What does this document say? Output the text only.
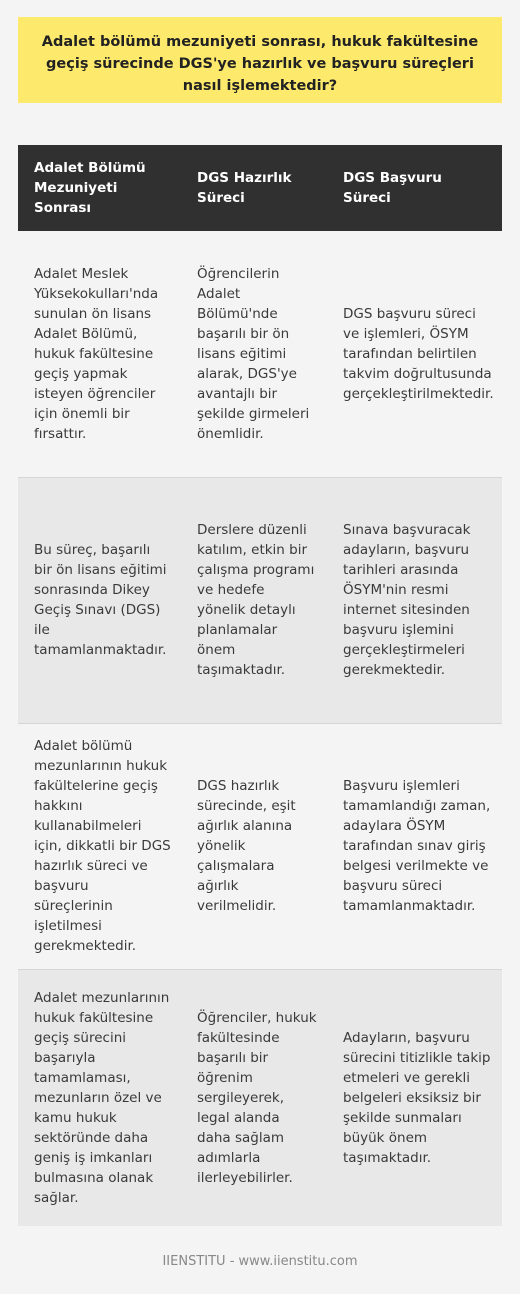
Adalet bölümü mezuniyeti sonrası, hukuk fakültesine geçiş sürecinde DGS'ye hazırlık ve başvuru süreçleri nasıl işlemektedir?
Adalet Bölümü Mezuniyeti Sonrası	DGS Hazırlık Süreci	DGS Başvuru Süreci
Adalet Meslek Yüksekokulları'nda sunulan ön lisans Adalet Bölümü, hukuk fakültesine geçiş yapmak isteyen öğrenciler için önemli bir fırsattır.	Öğrencilerin Adalet Bölümü'nde başarılı bir ön lisans eğitimi alarak, DGS'ye avantajlı bir şekilde girmeleri önemlidir.	DGS başvuru süreci ve işlemleri, ÖSYM tarafından belirtilen takvim doğrultusunda gerçekleştirilmektedir.
Bu süreç, başarılı bir ön lisans eğitimi sonrasında Dikey Geçiş Sınavı (DGS) ile tamamlanmaktadır.	Derslere düzenli katılım, etkin bir çalışma programı ve hedefe yönelik detaylı planlamalar önem taşımaktadır.	Sınava başvuracak adayların, başvuru tarihleri arasında ÖSYM'nin resmi internet sitesinden başvuru işlemini gerçekleştirmeleri gerekmektedir.
Adalet bölümü mezunlarının hukuk fakültelerine geçiş hakkını kullanabilmeleri için, dikkatli bir DGS hazırlık süreci ve başvuru süreçlerinin işletilmesi gerekmektedir.	DGS hazırlık sürecinde, eşit ağırlık alanına yönelik çalışmalara ağırlık verilmelidir.	Başvuru işlemleri tamamlandığı zaman, adaylara ÖSYM tarafından sınav giriş belgesi verilmekte ve başvuru süreci tamamlanmaktadır.
Adalet mezunlarının hukuk fakültesine geçiş sürecini başarıyla tamamlaması, mezunların özel ve kamu hukuk sektöründe daha geniş iş imkanları bulmasına olanak sağlar.	Öğrenciler, hukuk fakültesinde başarılı bir öğrenim sergileyerek, legal alanda daha sağlam adımlarla ilerleyebilirler.	Adayların, başvuru sürecini titizlikle takip etmeleri ve gerekli belgeleri eksiksiz bir şekilde sunmaları büyük önem taşımaktadır.
IIENSTITU - www.iienstitu.com
